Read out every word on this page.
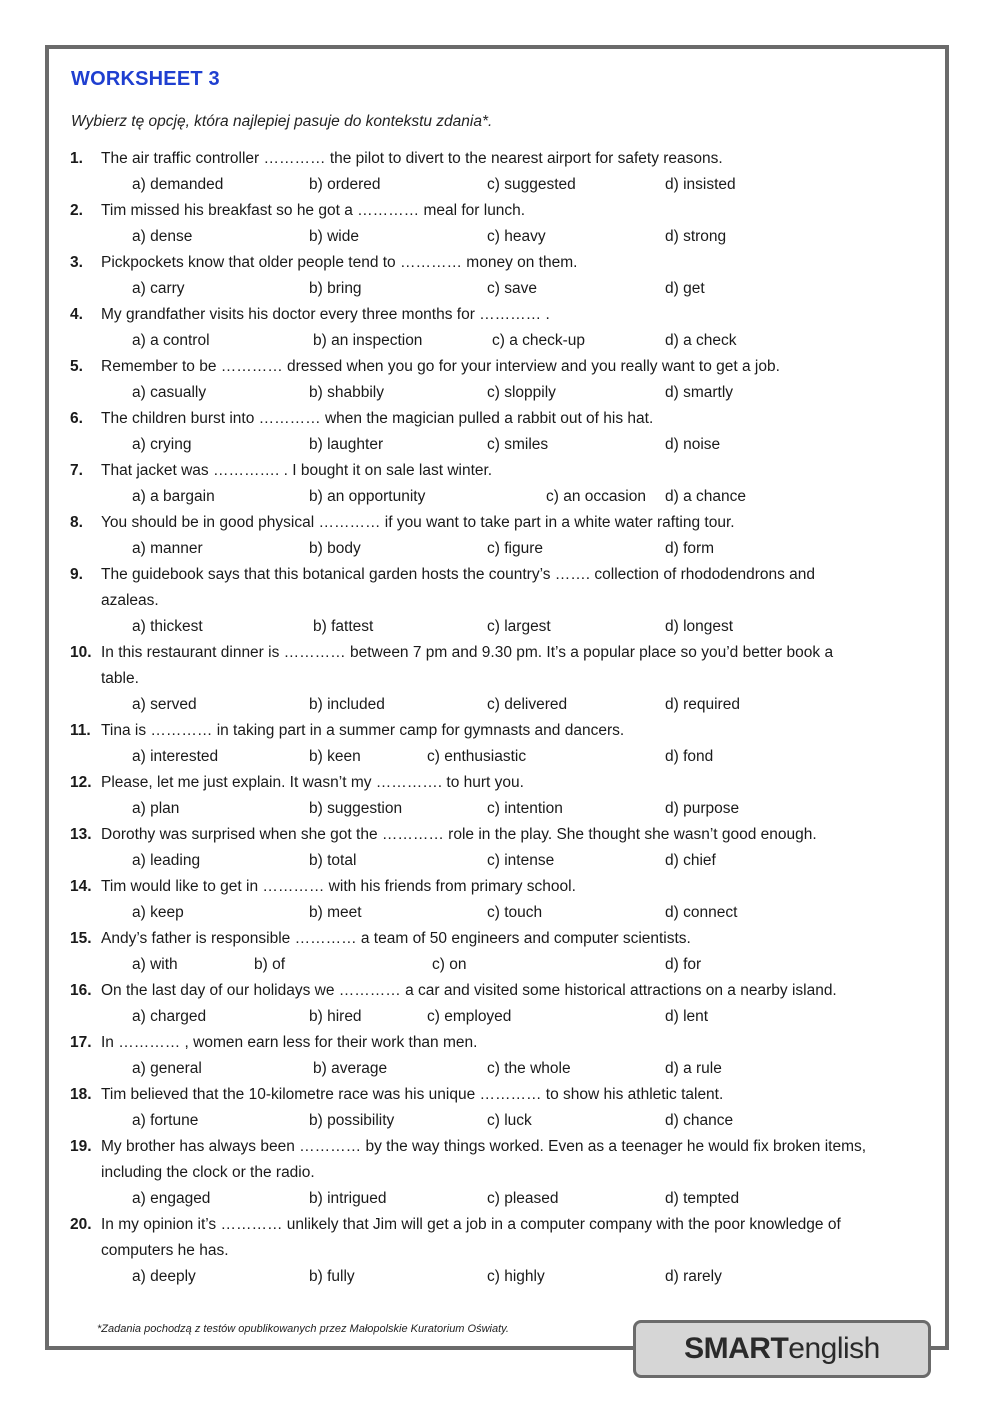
WORKSHEET 3
Wybierz tę opcję, która najlepiej pasuje do kontekstu zdania*.
1. The air traffic controller ………… the pilot to divert to the nearest airport for safety reasons.
a) demanded	b) ordered	c) suggested	d) insisted
2. Tim missed his breakfast so he got a ………… meal for lunch.
a) dense	b) wide	c) heavy	d) strong
3. Pickpockets know that older people tend to ………… money on them.
a) carry	b) bring	c) save	d) get
4. My grandfather visits his doctor every three months for ………… .
a) a control	b) an inspection	c) a check-up	d) a check
5. Remember to be ………… dressed when you go for your interview and you really want to get a job.
a) casually	b) shabbily	c) sloppily	d) smartly
6. The children burst into ………… when the magician pulled a rabbit out of his hat.
a) crying	b) laughter	c) smiles	d) noise
7. That jacket was …………. . I bought it on sale last winter.
a) a bargain	b) an opportunity	c) an occasion d) a chance
8. You should be in good physical ………… if you want to take part in a white water rafting tour.
a) manner	b) body	c) figure	d) form
9. The guidebook says that this botanical garden hosts the country’s ……. collection of rhododendrons and
azaleas.
a) thickest	b) fattest	c) largest	d) longest
10. In this restaurant dinner is ………… between 7 pm and 9.30 pm. It’s a popular place so you’d better book a
table.
a) served	b) included	c) delivered	d) required
11. Tina is ………… in taking part in a summer camp for gymnasts and dancers.
a) interested	b) keen	c) enthusiastic	d) fond
12. Please, let me just explain. It wasn’t my …………. to hurt you.
a) plan	b) suggestion	c) intention	d) purpose
13. Dorothy was surprised when she got the ………… role in the play. She thought she wasn’t good enough.
a) leading	b) total	c) intense	d) chief
14. Tim would like to get in ………… with his friends from primary school.
a) keep	b) meet	c) touch	d) connect
15. Andy’s father is responsible ………… a team of 50 engineers and computer scientists.
a) with	b) of	c) on	d) for
16. On the last day of our holidays we ………… a car and visited some historical attractions on a nearby island.
a) charged	b) hired	c) employed	d) lent
17. In ………… , women earn less for their work than men.
a) general	b) average	c) the whole	d) a rule
18. Tim believed that the 10-kilometre race was his unique ………… to show his athletic talent.
a) fortune	b) possibility	c) luck	d) chance
19. My brother has always been ………… by the way things worked. Even as a teenager he would fix broken items,
including the clock or the radio.
a) engaged	b) intrigued	c) pleased	d) tempted
20. In my opinion it’s ………… unlikely that Jim will get a job in a computer company with the poor knowledge of
computers he has.
a) deeply	b) fully	c) highly	d) rarely
*Zadania pochodzą z testów opublikowanych przez Małopolskie Kuratorium Oświaty.
SMARTenglish
